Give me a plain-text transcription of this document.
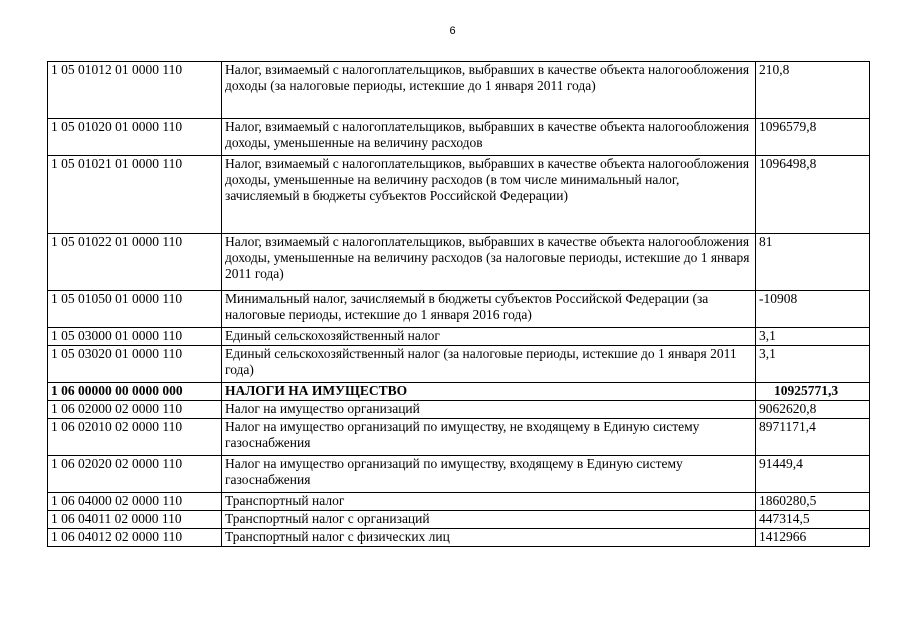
6
1 05 01012 01 0000 110	Налог, взимаемый с налогоплательщиков, выбравших в качестве объекта налогообложения доходы (за налоговые периоды, истекшие до 1 января 2011 года)	210,8
1 05 01020 01 0000 110	Налог, взимаемый с налогоплательщиков, выбравших в качестве объекта налогообложения доходы, уменьшенные на величину расходов	1096579,8
1 05 01021 01 0000 110	Налог, взимаемый с налогоплательщиков, выбравших в качестве объекта налогообложения доходы, уменьшенные на величину расходов (в том числе минимальный налог, зачисляемый в бюджеты субъектов Российской Федерации)	1096498,8
1 05 01022 01 0000 110	Налог, взимаемый с налогоплательщиков, выбравших в качестве объекта налогообложения доходы, уменьшенные на величину расходов (за налоговые периоды, истекшие до 1 января 2011 года)	81
1 05 01050 01 0000 110	Минимальный налог, зачисляемый в бюджеты субъектов Российской Федерации (за налоговые периоды, истекшие до 1 января 2016 года)	-10908
1 05 03000 01 0000 110	Единый сельскохозяйственный налог	3,1
1 05 03020 01 0000 110	Единый сельскохозяйственный налог (за налоговые периоды, истекшие до 1 января 2011 года)	3,1
1 06 00000 00 0000 000	НАЛОГИ НА ИМУЩЕСТВО	10925771,3
1 06 02000 02 0000 110	Налог на имущество организаций	9062620,8
1 06 02010 02 0000 110	Налог на имущество организаций по имуществу, не входящему в Единую систему газоснабжения	8971171,4
1 06 02020 02 0000 110	Налог на имущество организаций по имуществу, входящему в Единую систему газоснабжения	91449,4
1 06 04000 02 0000 110	Транспортный налог	1860280,5
1 06 04011 02 0000 110	Транспортный налог с организаций	447314,5
1 06 04012 02 0000 110	Транспортный налог с физических лиц	1412966
